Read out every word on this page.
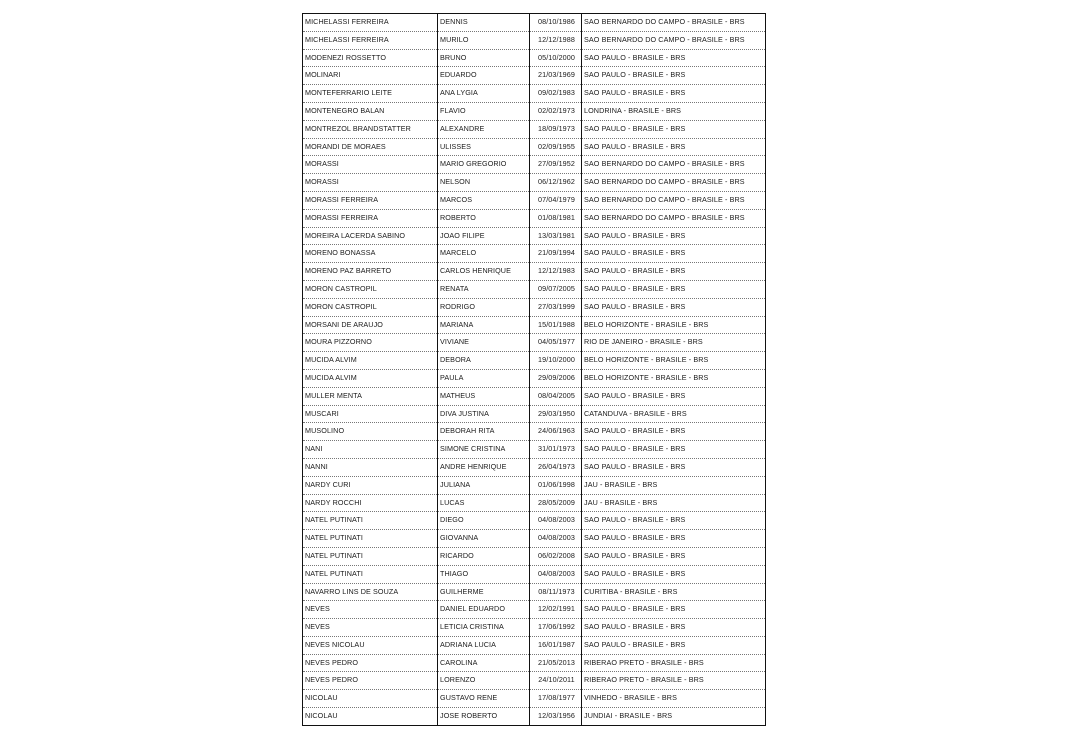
MICHELASSI FERREIRA	DENNIS	08/10/1986	SAO BERNARDO DO CAMPO - BRASILE - BRS
MICHELASSI FERREIRA	MURILO	12/12/1988	SAO BERNARDO DO CAMPO - BRASILE - BRS
MODENEZI ROSSETTO	BRUNO	05/10/2000	SAO PAULO - BRASILE - BRS
MOLINARI	EDUARDO	21/03/1969	SAO PAULO - BRASILE - BRS
MONTEFERRARIO LEITE	ANA LYGIA	09/02/1983	SAO PAULO - BRASILE - BRS
MONTENEGRO BALAN	FLAVIO	02/02/1973	LONDRINA - BRASILE - BRS
MONTREZOL BRANDSTATTER	ALEXANDRE	18/09/1973	SAO PAULO - BRASILE - BRS
MORANDI DE MORAES	ULISSES	02/09/1955	SAO PAULO - BRASILE - BRS
MORASSI	MARIO GREGORIO	27/09/1952	SAO BERNARDO DO CAMPO - BRASILE - BRS
MORASSI	NELSON	06/12/1962	SAO BERNARDO DO CAMPO - BRASILE - BRS
MORASSI FERREIRA	MARCOS	07/04/1979	SAO BERNARDO DO CAMPO - BRASILE - BRS
MORASSI FERREIRA	ROBERTO	01/08/1981	SAO BERNARDO DO CAMPO - BRASILE - BRS
MOREIRA LACERDA SABINO	JOAO FILIPE	13/03/1981	SAO PAULO - BRASILE - BRS
MORENO BONASSA	MARCELO	21/09/1994	SAO PAULO - BRASILE - BRS
MORENO PAZ BARRETO	CARLOS HENRIQUE	12/12/1983	SAO PAULO - BRASILE - BRS
MORON CASTROPIL	RENATA	09/07/2005	SAO PAULO - BRASILE - BRS
MORON CASTROPIL	RODRIGO	27/03/1999	SAO PAULO - BRASILE - BRS
MORSANI DE ARAUJO	MARIANA	15/01/1988	BELO HORIZONTE - BRASILE - BRS
MOURA PIZZORNO	VIVIANE	04/05/1977	RIO DE JANEIRO - BRASILE - BRS
MUCIDA ALVIM	DEBORA	19/10/2000	BELO HORIZONTE - BRASILE - BRS
MUCIDA ALVIM	PAULA	29/09/2006	BELO HORIZONTE - BRASILE - BRS
MULLER MENTA	MATHEUS	08/04/2005	SAO PAULO - BRASILE - BRS
MUSCARI	DIVA JUSTINA	29/03/1950	CATANDUVA - BRASILE - BRS
MUSOLINO	DEBORAH RITA	24/06/1963	SAO PAULO - BRASILE - BRS
NANI	SIMONE CRISTINA	31/01/1973	SAO PAULO - BRASILE - BRS
NANNI	ANDRE HENRIQUE	26/04/1973	SAO PAULO - BRASILE - BRS
NARDY CURI	JULIANA	01/06/1998	JAU - BRASILE - BRS
NARDY ROCCHI	LUCAS	28/05/2009	JAU - BRASILE - BRS
NATEL PUTINATI	DIEGO	04/08/2003	SAO PAULO - BRASILE - BRS
NATEL PUTINATI	GIOVANNA	04/08/2003	SAO PAULO - BRASILE - BRS
NATEL PUTINATI	RICARDO	06/02/2008	SAO PAULO - BRASILE - BRS
NATEL PUTINATI	THIAGO	04/08/2003	SAO PAULO - BRASILE - BRS
NAVARRO LINS DE SOUZA	GUILHERME	08/11/1973	CURITIBA - BRASILE - BRS
NEVES	DANIEL EDUARDO	12/02/1991	SAO PAULO - BRASILE - BRS
NEVES	LETICIA CRISTINA	17/06/1992	SAO PAULO - BRASILE - BRS
NEVES NICOLAU	ADRIANA LUCIA	16/01/1987	SAO PAULO - BRASILE - BRS
NEVES PEDRO	CAROLINA	21/05/2013	RIBERAO PRETO - BRASILE - BRS
NEVES PEDRO	LORENZO	24/10/2011	RIBERAO PRETO - BRASILE - BRS
NICOLAU	GUSTAVO RENE	17/08/1977	VINHEDO - BRASILE - BRS
NICOLAU	JOSE ROBERTO	12/03/1956	JUNDIAI - BRASILE - BRS
